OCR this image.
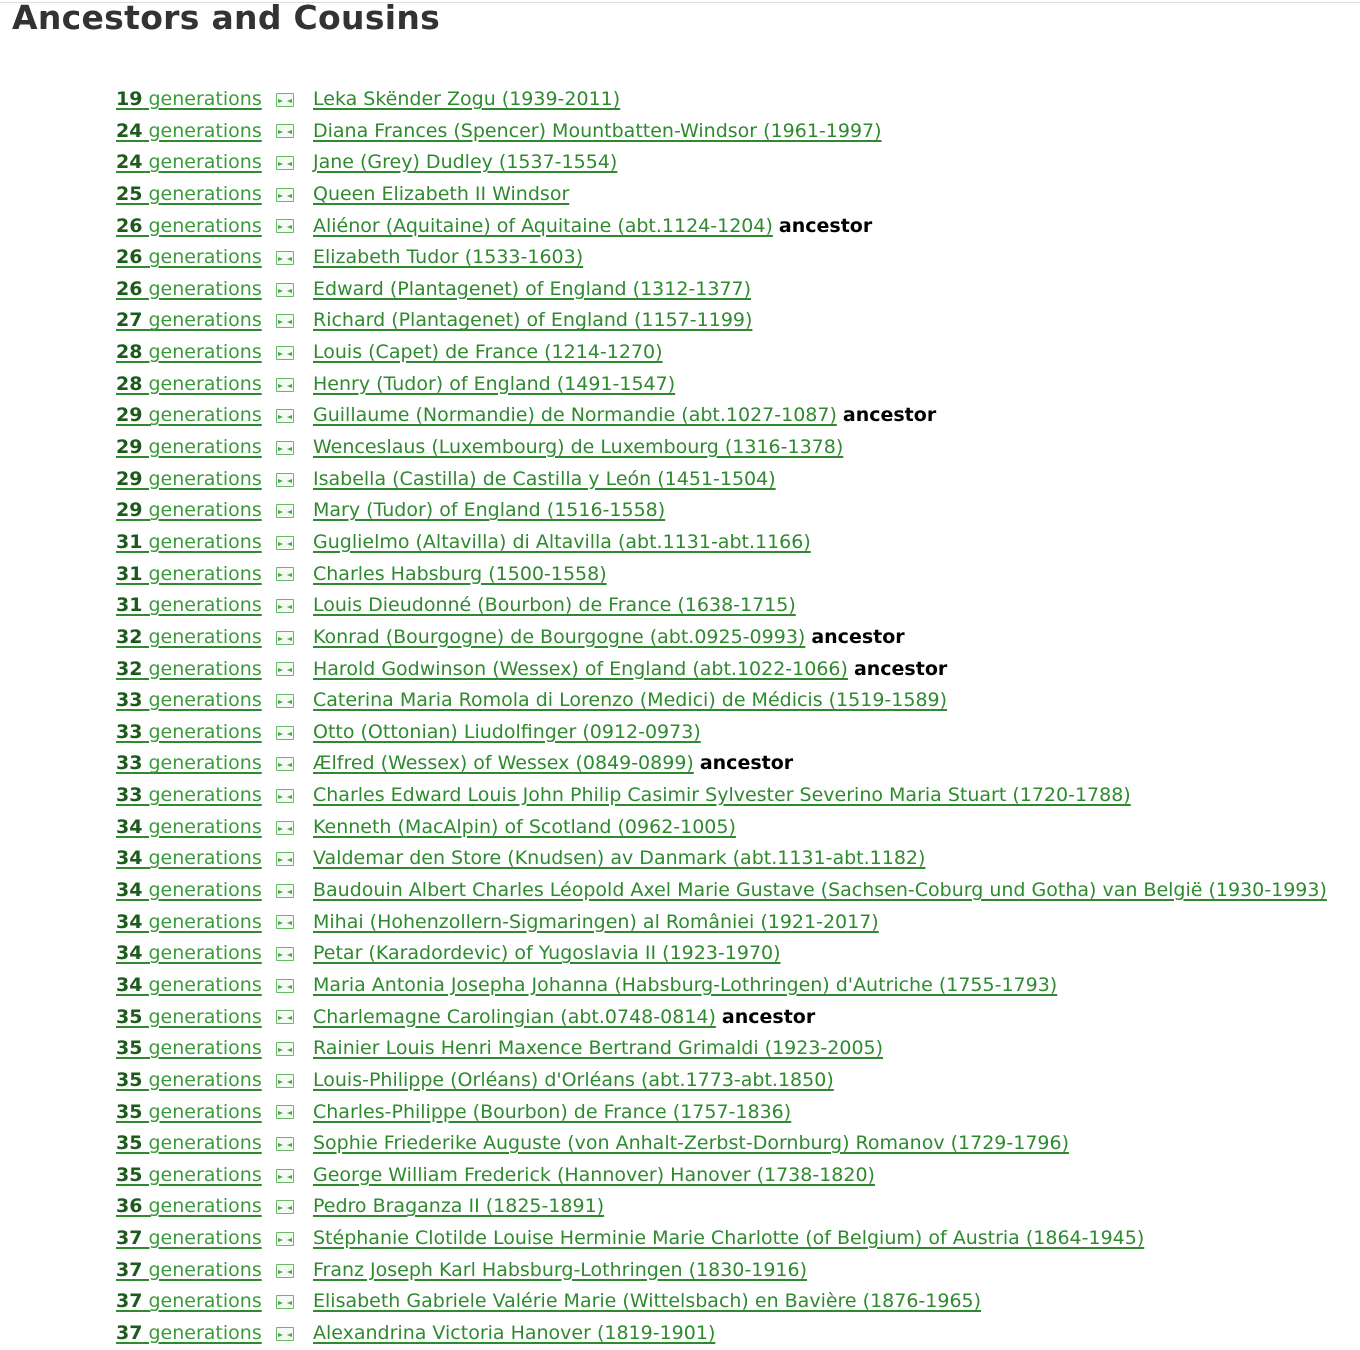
Ancestors and Cousins
19 generations	Leka Skënder Zogu (1939-2011)
24 generations	Diana Frances (Spencer) Mountbatten-Windsor (1961-1997)
24 generations	Jane (Grey) Dudley (1537-1554)
25 generations	Queen Elizabeth II Windsor
26 generations	Aliénor (Aquitaine) of Aquitaine (abt.1124-1204) ancestor
26 generations	Elizabeth Tudor (1533-1603)
26 generations	Edward (Plantagenet) of England (1312-1377)
27 generations	Richard (Plantagenet) of England (1157-1199)
28 generations	Louis (Capet) de France (1214-1270)
28 generations	Henry (Tudor) of England (1491-1547)
29 generations	Guillaume (Normandie) de Normandie (abt.1027-1087) ancestor
29 generations	Wenceslaus (Luxembourg) de Luxembourg (1316-1378)
29 generations	Isabella (Castilla) de Castilla y León (1451-1504)
29 generations	Mary (Tudor) of England (1516-1558)
31 generations	Guglielmo (Altavilla) di Altavilla (abt.1131-abt.1166)
31 generations	Charles Habsburg (1500-1558)
31 generations	Louis Dieudonné (Bourbon) de France (1638-1715)
32 generations	Konrad (Bourgogne) de Bourgogne (abt.0925-0993) ancestor
32 generations	Harold Godwinson (Wessex) of England (abt.1022-1066) ancestor
33 generations	Caterina Maria Romola di Lorenzo (Medici) de Médicis (1519-1589)
33 generations	Otto (Ottonian) Liudolfinger (0912-0973)
33 generations	Ælfred (Wessex) of Wessex (0849-0899) ancestor
33 generations	Charles Edward Louis John Philip Casimir Sylvester Severino Maria Stuart (1720-1788)
34 generations	Kenneth (MacAlpin) of Scotland (0962-1005)
34 generations	Valdemar den Store (Knudsen) av Danmark (abt.1131-abt.1182)
34 generations	Baudouin Albert Charles Léopold Axel Marie Gustave (Sachsen-Coburg und Gotha) van België (1930-1993)
34 generations	Mihai (Hohenzollern-Sigmaringen) al României (1921-2017)
34 generations	Petar (Karadordevic) of Yugoslavia II (1923-1970)
34 generations	Maria Antonia Josepha Johanna (Habsburg-Lothringen) d'Autriche (1755-1793)
35 generations	Charlemagne Carolingian (abt.0748-0814) ancestor
35 generations	Rainier Louis Henri Maxence Bertrand Grimaldi (1923-2005)
35 generations	Louis-Philippe (Orléans) d'Orléans (abt.1773-abt.1850)
35 generations	Charles-Philippe (Bourbon) de France (1757-1836)
35 generations	Sophie Friederike Auguste (von Anhalt-Zerbst-Dornburg) Romanov (1729-1796)
35 generations	George William Frederick (Hannover) Hanover (1738-1820)
36 generations	Pedro Braganza II (1825-1891)
37 generations	Stéphanie Clotilde Louise Herminie Marie Charlotte (of Belgium) of Austria (1864-1945)
37 generations	Franz Joseph Karl Habsburg-Lothringen (1830-1916)
37 generations	Elisabeth Gabriele Valérie Marie (Wittelsbach) en Bavière (1876-1965)
37 generations	Alexandrina Victoria Hanover (1819-1901)
